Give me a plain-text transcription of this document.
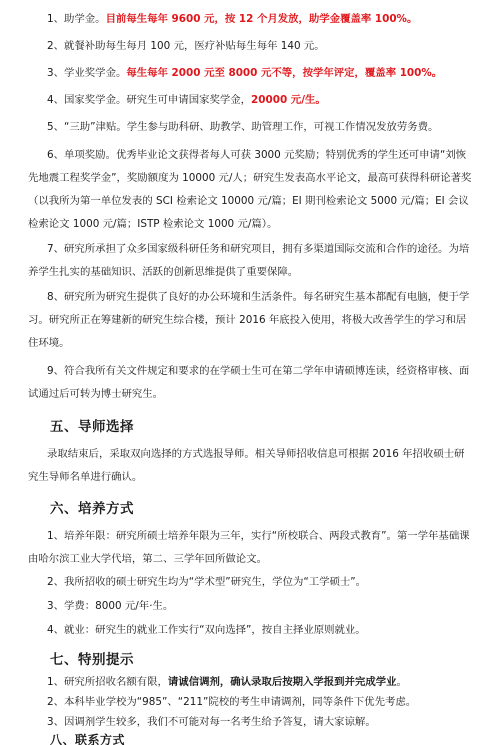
1、助学金。目前每生每年 9600 元，按 12 个月发放，助学金覆盖率 100%。

2、就餐补助每生每月 100 元，医疗补贴每生每年 140 元。

3、学业奖学金。每生每年 2000 元至 8000 元不等，按学年评定，覆盖率 100%。

4、国家奖学金。研究生可申请国家奖学金，20000 元/生。

5、“三助”津贴。学生参与助科研、助教学、助管理工作，可视工作情况发放劳务费。

6、单项奖励。优秀毕业论文获得者每人可获 3000 元奖励；特别优秀的学生还可申请“刘恢先地震工程奖学金”，奖励额度为 10000 元/人；研究生发表高水平论文，最高可获得科研论著奖（以我所为第一单位发表的 SCI 检索论文 10000 元/篇；EI 期刊检索论文 5000 元/篇；EI 会议检索论文 1000 元/篇；ISTP 检索论文 1000 元/篇）。

7、研究所承担了众多国家级科研任务和研究项目，拥有多渠道国际交流和合作的途径。为培养学生扎实的基础知识、活跃的创新思维提供了重要保障。

8、研究所为研究生提供了良好的办公环境和生活条件。每名研究生基本都配有电脑，便于学习。研究所正在筹建新的研究生综合楼，预计 2016 年底投入使用，将极大改善学生的学习和居住环境。

9、符合我所有关文件规定和要求的在学硕士生可在第二学年申请硕博连读，经资格审核、面试通过后可转为博士研究生。

五、导师选择

录取结束后，采取双向选择的方式选报导师。相关导师招收信息可根据 2016 年招收硕士研究生导师名单进行确认。

六、培养方式

1、培养年限：研究所硕士培养年限为三年，实行“所校联合、两段式教育”。第一学年基础课由哈尔滨工业大学代培，第二、三学年回所做论文。

2、我所招收的硕士研究生均为“学术型”研究生，学位为“工学硕士”。

3、学费：8000 元/年·生。

4、就业：研究生的就业工作实行“双向选择”，按自主择业原则就业。

七、特别提示

1、研究所招收名额有限，请诚信调剂，确认录取后按期入学报到并完成学业。

2、本科毕业学校为“985”、“211”院校的考生申请调剂，同等条件下优先考虑。

3、因调剂学生较多，我们不可能对每一名考生给予答复，请大家谅解。

八、联系方式
